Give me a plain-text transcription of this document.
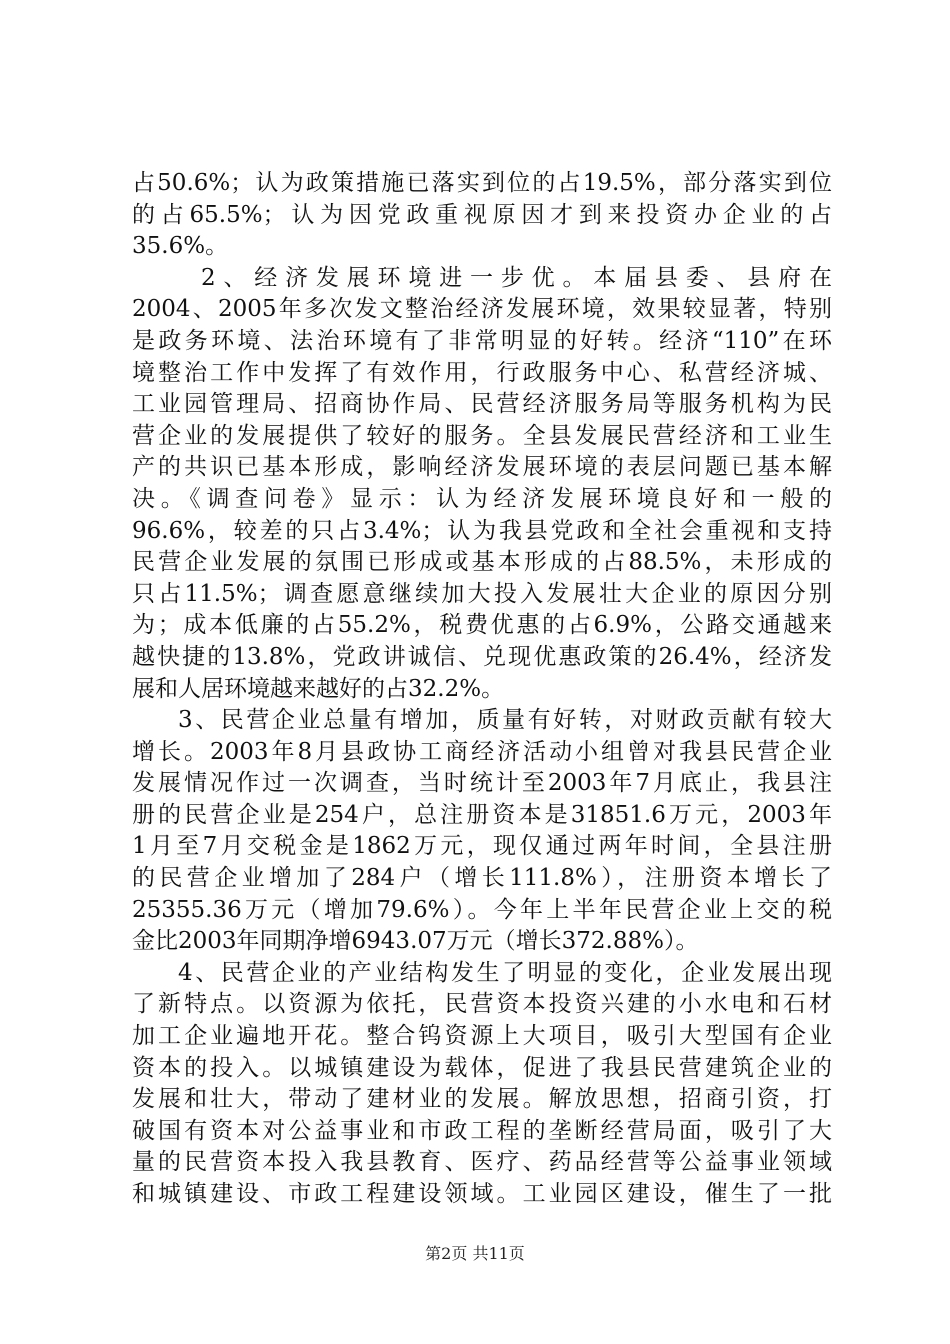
占50.6%；认为政策措施已落实到位的占19.5%，部分落实到位
的占65.5%；认为因党政重视原因才到来投资办企业的占
35.6%。
2、经济发展环境进一步优。本届县委、县府在
2004、2005年多次发文整治经济发展环境，效果较显著，特别
是政务环境、法治环境有了非常明显的好转。经济“110”在环
境整治工作中发挥了有效作用，行政服务中心、私营经济城、
工业园管理局、招商协作局、民营经济服务局等服务机构为民
营企业的发展提供了较好的服务。全县发展民营经济和工业生
产的共识已基本形成，影响经济发展环境的表层问题已基本解
决。《调查问卷》显示：认为经济发展环境良好和一般的
96.6%，较差的只占3.4%；认为我县党政和全社会重视和支持
民营企业发展的氛围已形成或基本形成的占88.5%，未形成的
只占11.5%；调查愿意继续加大投入发展壮大企业的原因分别
为；成本低廉的占55.2%，税费优惠的占6.9%，公路交通越来
越快捷的13.8%，党政讲诚信、兑现优惠政策的26.4%，经济发
展和人居环境越来越好的占32.2%。
3、民营企业总量有增加，质量有好转，对财政贡献有较大
增长。2003年8月县政协工商经济活动小组曾对我县民营企业
发展情况作过一次调查，当时统计至2003年7月底止，我县注
册的民营企业是254户，总注册资本是31851.6万元，2003年
1月至7月交税金是1862万元，现仅通过两年时间，全县注册
的民营企业增加了284户（增长111.8%），注册资本增长了
25355.36万元（增加79.6%）。今年上半年民营企业上交的税
金比2003年同期净增6943.07万元（增长372.88%）。
4、民营企业的产业结构发生了明显的变化，企业发展出现
了新特点。以资源为依托，民营资本投资兴建的小水电和石材
加工企业遍地开花。整合钨资源上大项目，吸引大型国有企业
资本的投入。以城镇建设为载体，促进了我县民营建筑企业的
发展和壮大，带动了建材业的发展。解放思想，招商引资，打
破国有资本对公益事业和市政工程的垄断经营局面，吸引了大
量的民营资本投入我县教育、医疗、药品经营等公益事业领域
和城镇建设、市政工程建设领域。工业园区建设，催生了一批
第2页 共11页
